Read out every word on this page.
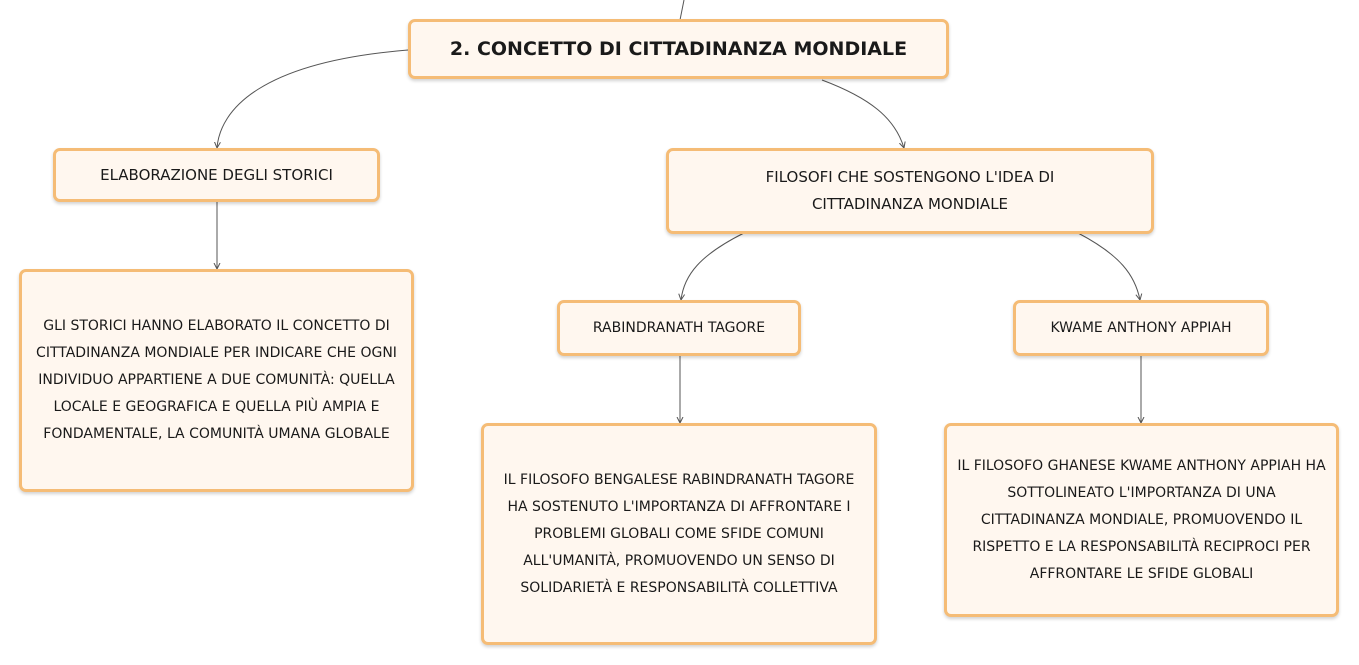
2. CONCETTO DI CITTADINANZA MONDIALE
ELABORAZIONE DEGLI STORICI
GLI STORICI HANNO ELABORATO IL CONCETTO DI CITTADINANZA MONDIALE PER INDICARE CHE OGNI INDIVIDUO APPARTIENE A DUE COMUNITÀ: QUELLA LOCALE E GEOGRAFICA E QUELLA PIÙ AMPIA E FONDAMENTALE, LA COMUNITÀ UMANA GLOBALE
FILOSOFI CHE SOSTENGONO L'IDEA DI CITTADINANZA MONDIALE
RABINDRANATH TAGORE	KWAME ANTHONY APPIAH
IL FILOSOFO BENGALESE RABINDRANATH TAGORE HA SOSTENUTO L'IMPORTANZA DI AFFRONTARE I PROBLEMI GLOBALI COME SFIDE COMUNI ALL'UMANITÀ, PROMUOVENDO UN SENSO DI SOLIDARIETÀ E RESPONSABILITÀ COLLETTIVA
IL FILOSOFO GHANESE KWAME ANTHONY APPIAH HA SOTTOLINEATO L'IMPORTANZA DI UNA CITTADINANZA MONDIALE, PROMUOVENDO IL RISPETTO E LA RESPONSABILITÀ RECIPROCI PER AFFRONTARE LE SFIDE GLOBALI
